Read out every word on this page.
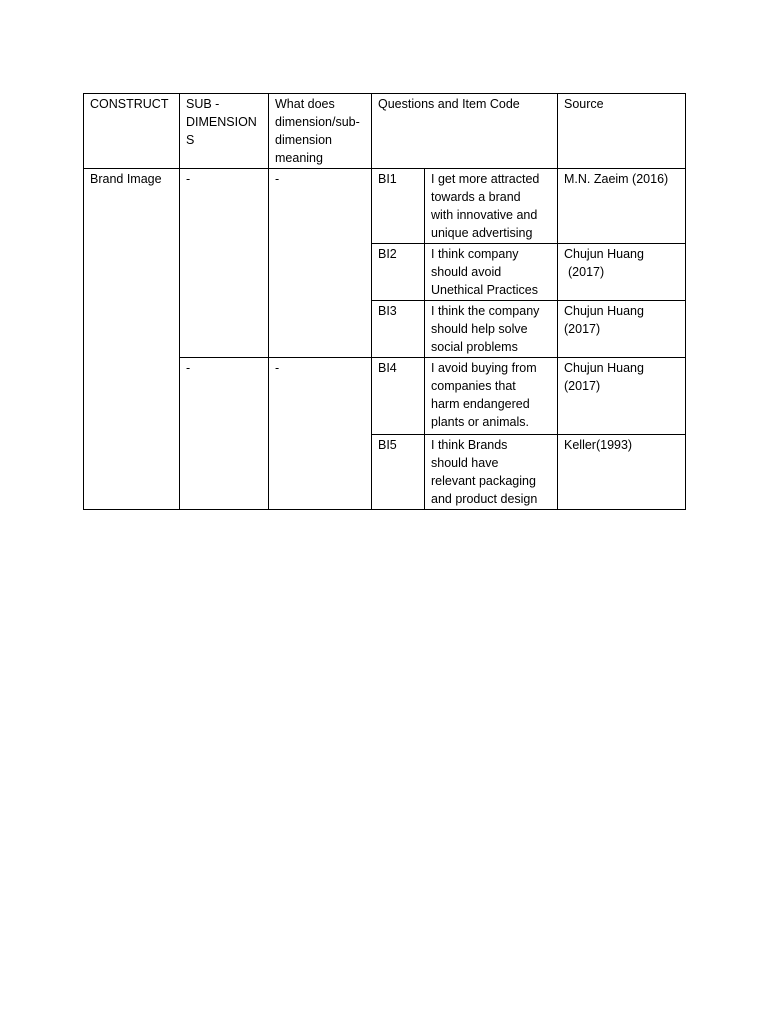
CONSTRUCT	SUB -
DIMENSION
S	What does
dimension/sub-
dimension
meaning	Questions and Item Code		Source

Brand Image	-	-	BI1	I get more attracted
towards a brand
with innovative and
unique advertising	M.N. Zaeim (2016)

			BI2	I think company
should avoid
Unethical Practices	Chujun Huang
(2017)

			BI3	I think the company
should help solve
social problems	Chujun Huang
(2017)

	-	-	BI4	I avoid buying from
companies that
harm endangered
plants or animals.	Chujun Huang
(2017)

			BI5	I think Brands
should have
relevant packaging
and product design	Keller(1993)
